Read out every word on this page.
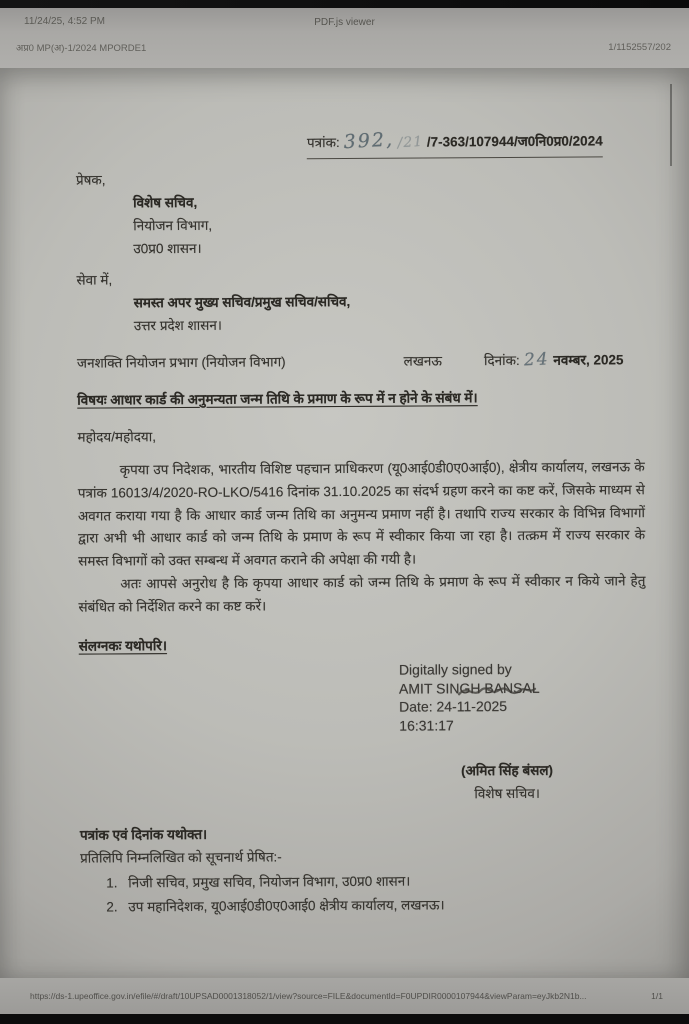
11/24/25, 4:52 PM	PDF.js viewer
अप्र0 MP(अ)-1/2024 MPORDE1	1/1152557/202
पत्रांक: 392, /21 /7-363/107944/ज0नि0प्र0/2024
प्रेषक,
विशेष सचिव,
नियोजन विभाग,
उ0प्र0 शासन।
सेवा में,
समस्त अपर मुख्य सचिव/प्रमुख सचिव/सचिव,
उत्तर प्रदेश शासन।
जनशक्ति नियोजन प्रभाग (नियोजन विभाग)	लखनऊ	दिनांक: 24 नवम्बर, 2025
विषयः आधार कार्ड की अनुमन्यता जन्म तिथि के प्रमाण के रूप में न होने के संबंध में।
महोदय/महोदया,
कृपया उप निदेशक, भारतीय विशिष्ट पहचान प्राधिकरण (यू0आई0डी0ए0आई0), क्षेत्रीय कार्यालय, लखनऊ के पत्रांक 16013/4/2020-RO-LKO/5416 दिनांक 31.10.2025 का संदर्भ ग्रहण करने का कष्ट करें, जिसके माध्यम से अवगत कराया गया है कि आधार कार्ड जन्म तिथि का अनुमन्य प्रमाण नहीं है। तथापि राज्य सरकार के विभिन्न विभागों द्वारा अभी भी आधार कार्ड को जन्म तिथि के प्रमाण के रूप में स्वीकार किया जा रहा है। तत्क्रम में राज्य सरकार के समस्त विभागों को उक्त सम्बन्ध में अवगत कराने की अपेक्षा की गयी है।
अतः आपसे अनुरोध है कि कृपया आधार कार्ड को जन्म तिथि के प्रमाण के रूप में स्वीकार न किये जाने हेतु संबंधित को निर्देशित करने का कष्ट करें।
संलग्नकः यथोपरि।
Digitally signed by
AMIT SINGH BANSAL
Date: 24-11-2025
16:31:17
(अमित सिंह बंसल)
विशेष सचिव।
पत्रांक एवं दिनांक यथोक्त।
प्रतिलिपि निम्नलिखित को सूचनार्थ प्रेषित:-
1. निजी सचिव, प्रमुख सचिव, नियोजन विभाग, उ0प्र0 शासन।
2. उप महानिदेशक, यू0आई0डी0ए0आई0 क्षेत्रीय कार्यालय, लखनऊ।
https://ds-1.upeoffice.gov.in/efile/#/draft/10UPSAD0001318052/1/view?source=FILE&documentId=F0UPDIR0000107944&viewParam=eyJkb2N1b...	1/1
